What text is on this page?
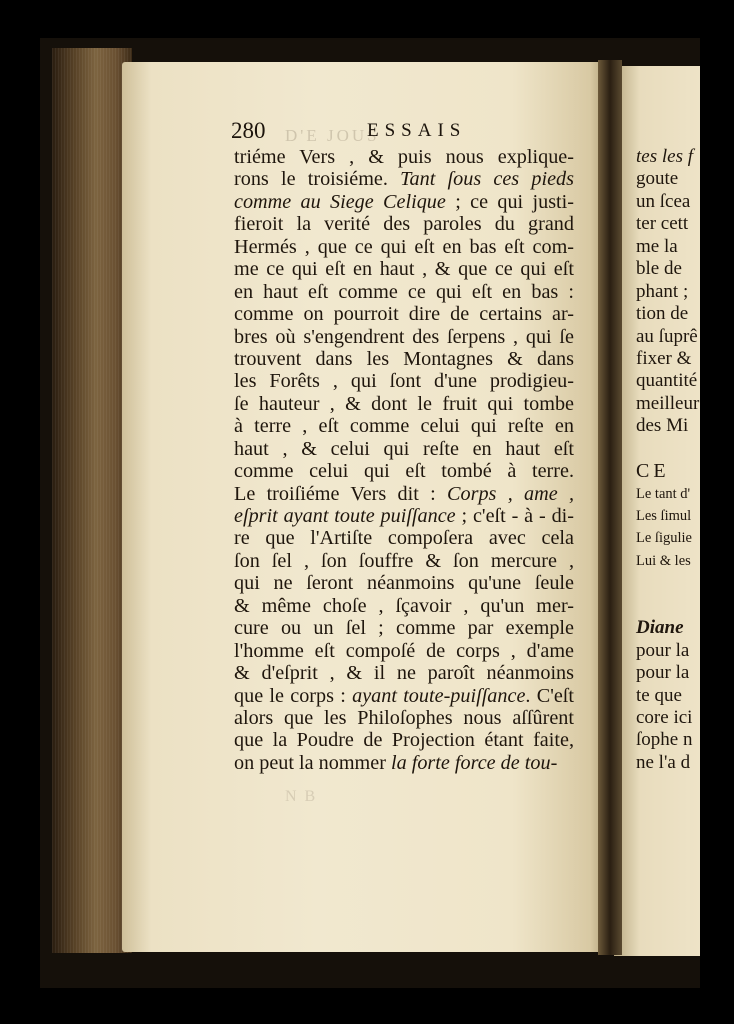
D'E JOUS
280	ESSAIS
triéme Vers , & puis nous explique-
rons le troisiéme. Tant ſous ces pieds
comme au Siege Celique ; ce qui justi-
fieroit la verité des paroles du grand
Hermés , que ce qui eſt en bas eſt com-
me ce qui eſt en haut , & que ce qui eſt
en haut eſt comme ce qui eſt en bas :
comme on pourroit dire de certains ar-
bres où s'engendrent des ſerpens , qui ſe
trouvent dans les Montagnes & dans
les Forêts , qui ſont d'une prodigieu-
ſe hauteur , & dont le fruit qui tombe
à terre , eſt comme celui qui reſte en
haut , & celui qui reſte en haut eſt
comme celui qui eſt tombé à terre.
Le troiſiéme Vers dit : Corps , ame ,
eſprit ayant toute puiſſance ; c'eſt - à - di-
re que l'Artiſte compoſera avec cela
ſon ſel , ſon ſouffre & ſon mercure ,
qui ne ſeront néanmoins qu'une ſeule
& même choſe , ſçavoir , qu'un mer-
cure ou un ſel ; comme par exemple
l'homme eſt compoſé de corps , d'ame
& d'eſprit , & il ne paroît néanmoins
que le corps : ayant toute-puiſſance. C'eſt
alors que les Philoſophes nous aſſûrent
que la Poudre de Projection étant faite,
on peut la nommer la forte force de tou-
tes les f
goute
un ſcea
ter cett
me la
ble de
phant ;
tion de
au ſuprê
fixer &
quantité
meilleur
des Mi
CE
Le tant d'
Les ſimul
Le ſigulie
Lui & les
Diane
pour la
pour la
te que
core ici
ſophe n
ne l'a d
N B
